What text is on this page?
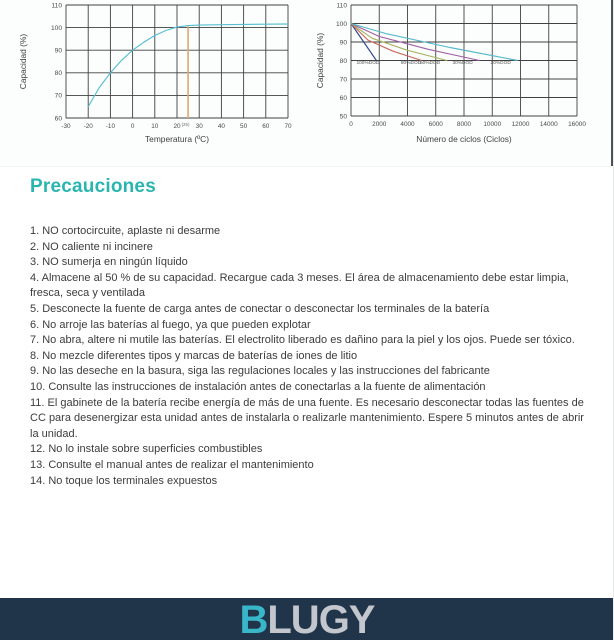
60
70
80
90
100
110
-30 -20 -10 0	10 20 30 40 50 60 70
(25)
Temperatura (ºC)
Capacidad (%)
50
60
70
80
90
100
110
0	2000 4000 6000 8000 10000 12000 14000 16000
100%DOD	80%DOD
50%DOD	30%DOD	20%DOD
Número de ciclos (Ciclos)
Capacidad (%)
Precauciones

1. NO cortocircuite, aplaste ni desarme

2. NO caliente ni incinere

3. NO sumerja en ningún líquido

4. Almacene al 50 % de su capacidad. Recargue cada 3 meses. El área de almacenamiento debe estar limpia, fresca, seca y ventilada

5. Desconecte la fuente de carga antes de conectar o desconectar los terminales de la batería

6. No arroje las baterías al fuego, ya que pueden explotar

7. No abra, altere ni mutile las baterías. El electrolito liberado es dañino para la piel y los ojos. Puede ser tóxico.

8. No mezcle diferentes tipos y marcas de baterías de iones de litio

9. No las deseche en la basura, siga las regulaciones locales y las instrucciones del fabricante

10. Consulte las instrucciones de instalación antes de conectarlas a la fuente de alimentación

11. El gabinete de la batería recibe energía de más de una fuente. Es necesario desconectar todas las fuentes de CC para desenergizar esta unidad antes de instalarla o realizarle mantenimiento. Espere 5 minutos antes de abrir la unidad.

12. No lo instale sobre superficies combustibles

13. Consulte el manual antes de realizar el mantenimiento

14. No toque los terminales expuestos

BLUGY
